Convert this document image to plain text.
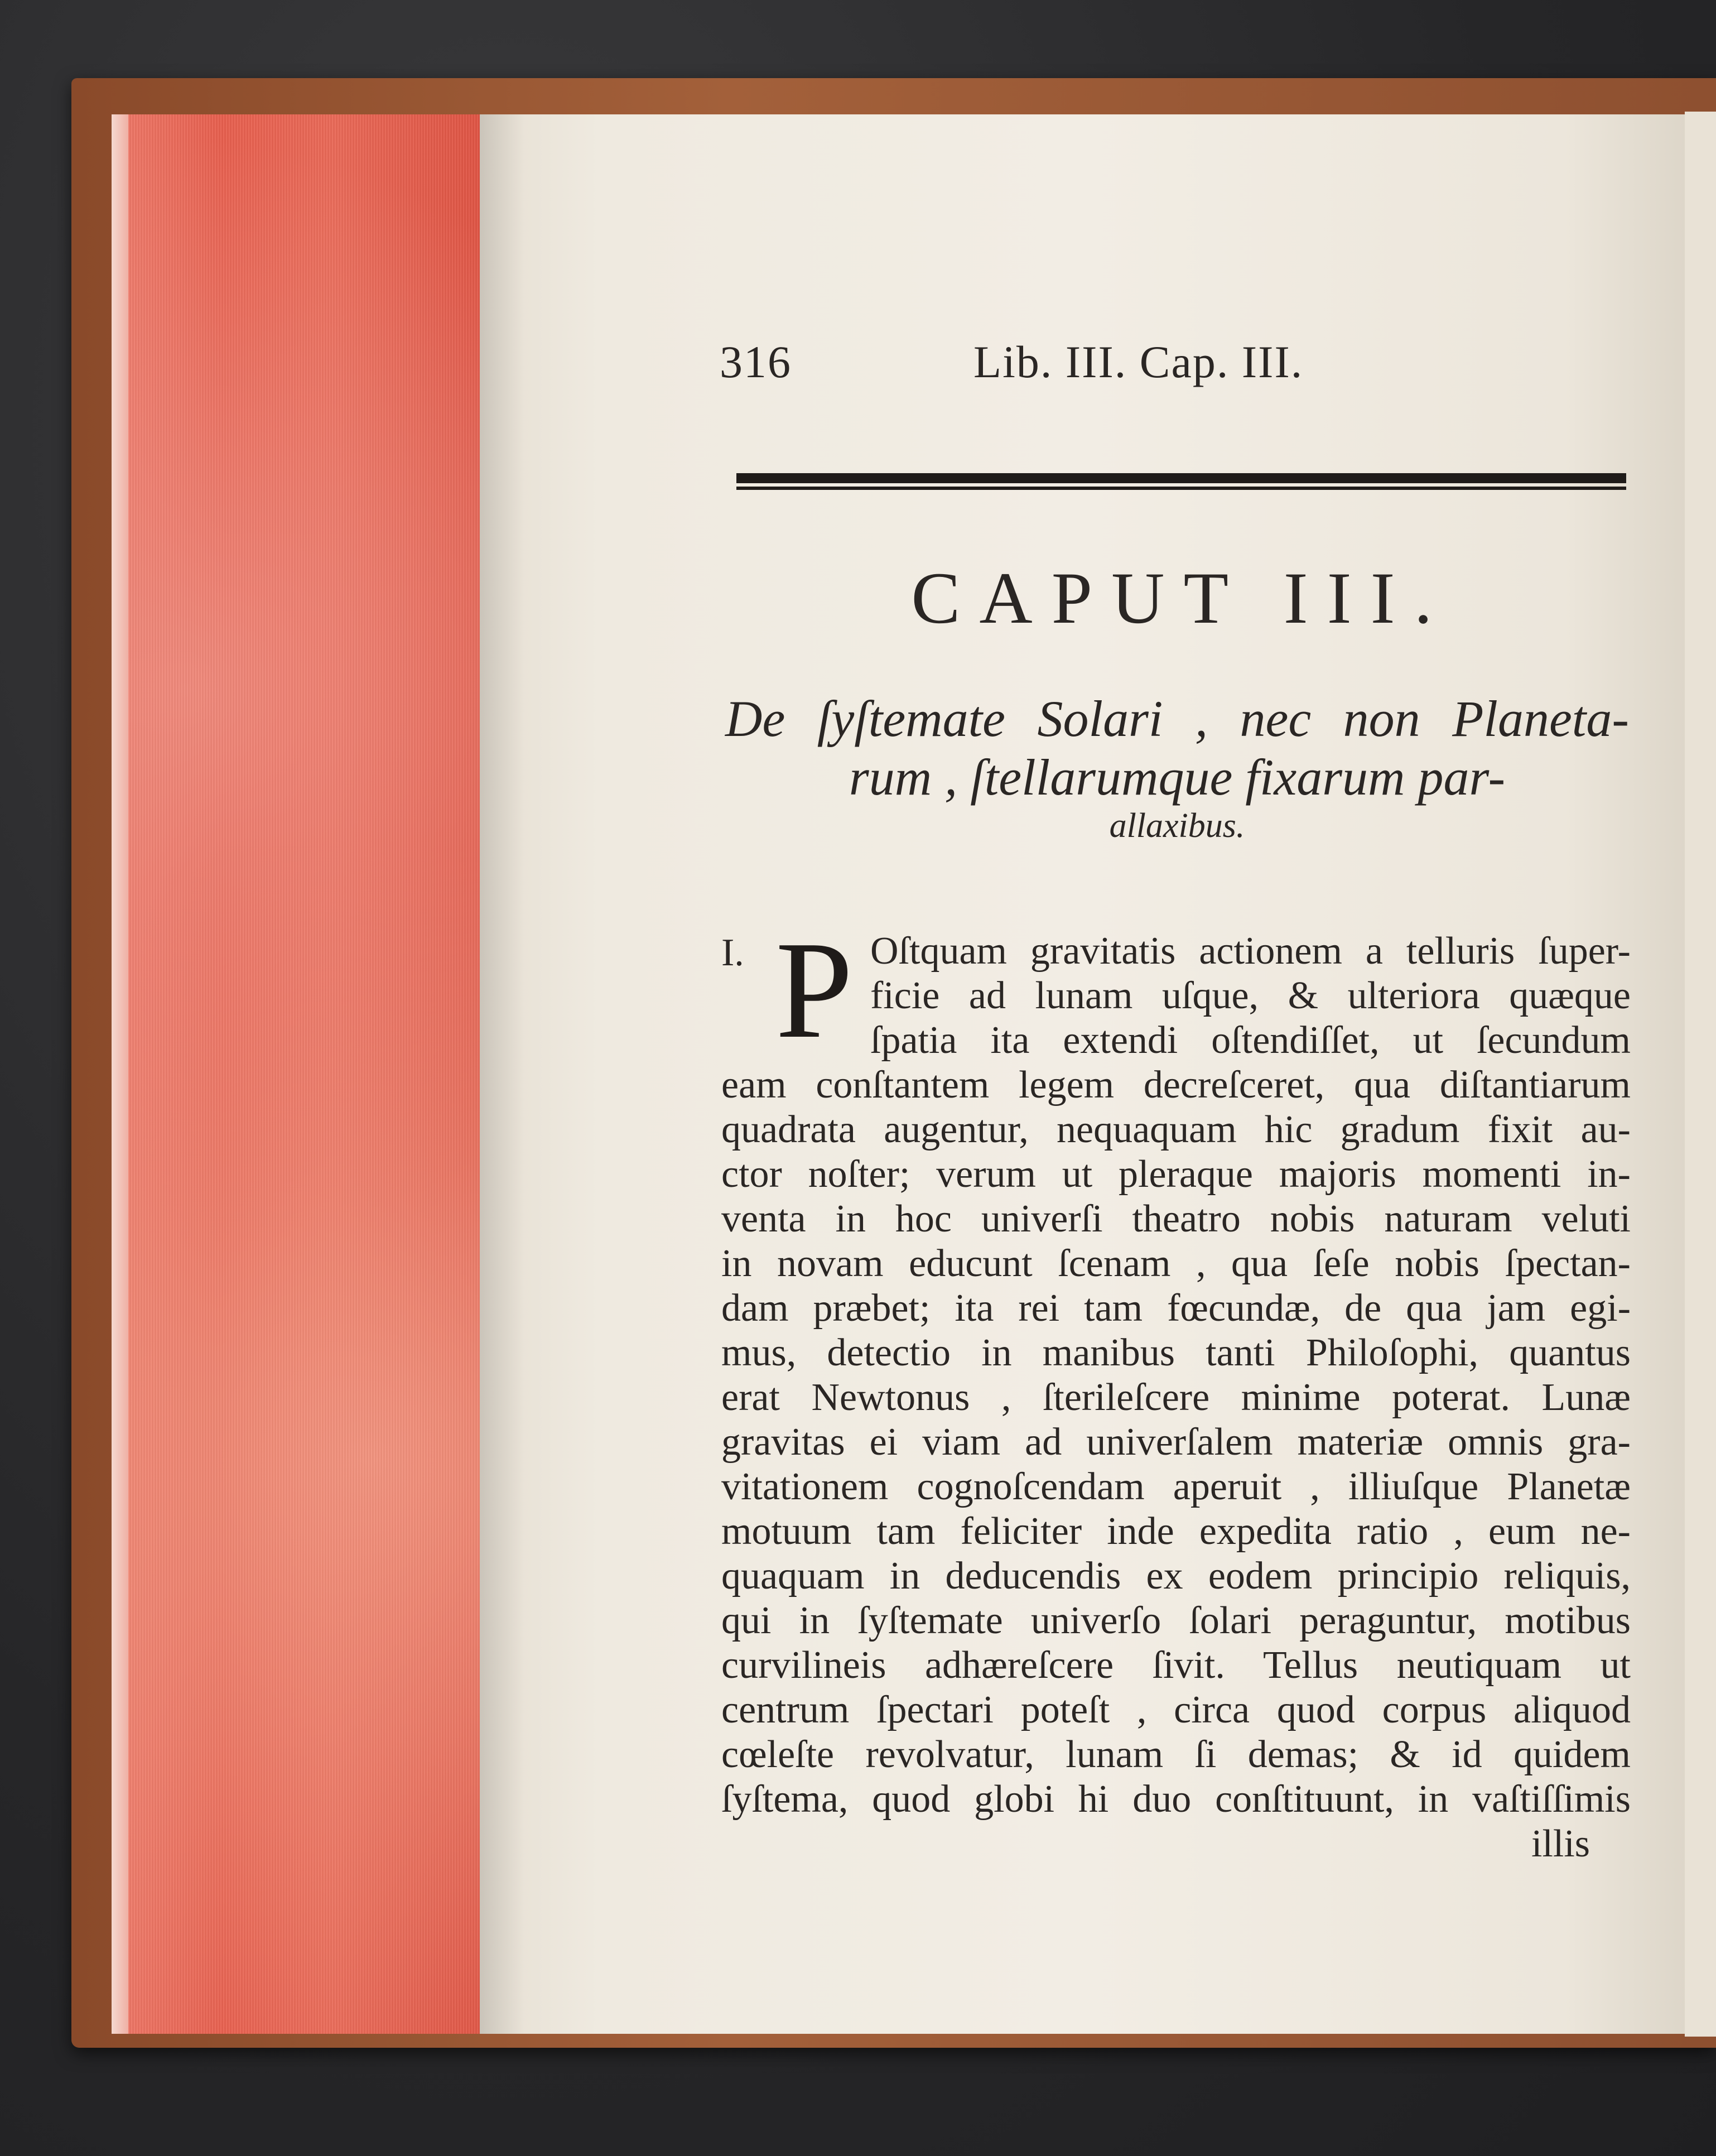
316	Lib. III. Cap. III.
CAPUT III.
De ſyſtemate Solari , nec non Planeta-
rum , ſtellarumque fixarum par-
allaxibus.
I. P Oſtquam gravitatis actionem a telluris ſuper-
ficie ad lunam uſque, & ulteriora quæque
ſpatia ita extendi oſtendiſſet, ut ſecundum
eam conſtantem legem decreſceret, qua diſtantiarum
quadrata augentur, nequaquam hic gradum fixit au-
ctor noſter; verum ut pleraque majoris momenti in-
venta in hoc univerſi theatro nobis naturam veluti
in novam educunt ſcenam , qua ſeſe nobis ſpectan-
dam præbet; ita rei tam fœcundæ, de qua jam egi-
mus, detectio in manibus tanti Philoſophi, quantus
erat Newtonus , ſterileſcere minime poterat. Lunæ
gravitas ei viam ad univerſalem materiæ omnis gra-
vitationem cognoſcendam aperuit , illiuſque Planetæ
motuum tam feliciter inde expedita ratio , eum ne-
quaquam in deducendis ex eodem principio reliquis,
qui in ſyſtemate univerſo ſolari peraguntur, motibus
curvilineis adhæreſcere ſivit. Tellus neutiquam ut
centrum ſpectari poteſt , circa quod corpus aliquod
cœleſte revolvatur, lunam ſi demas; & id quidem
ſyſtema, quod globi hi duo conſtituunt, in vaſtiſſimis
illis
